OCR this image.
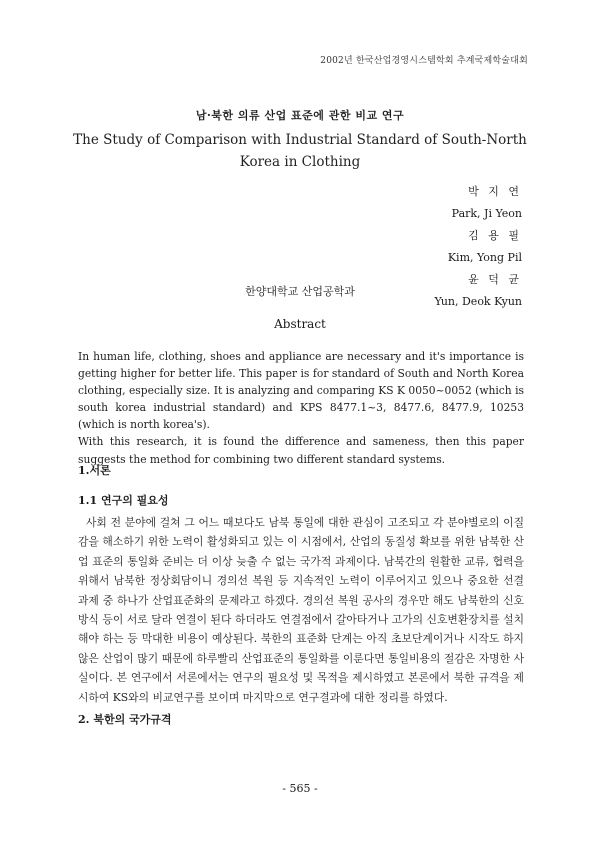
2002년 한국산업경영시스템학회 추계국제학술대회
남·북한 의류 산업 표준에 관한 비교 연구
The Study of Comparison with Industrial Standard of South-North Korea in Clothing
박 지 연
Park, Ji Yeon
김 용 필
Kim, Yong Pil
윤 덕 균
Yun, Deok Kyun
한양대학교 산업공학과
Abstract

In human life, clothing, shoes and appliance are necessary and it's importance is getting higher for better life. This paper is for standard of South and North Korea clothing, especially size. It is analyzing and comparing KS K 0050~0052 (which is south korea industrial standard) and KPS 8477.1~3, 8477.6, 8477.9, 10253 (which is north korea's).

With this research, it is found the difference and sameness, then this paper suggests the method for combining two different standard systems.

1.서론
1.1 연구의 필요성

사회 전 분야에 걸쳐 그 어느 때보다도 남북 통일에 대한 관심이 고조되고 각 분야별로의 이질감을 해소하기 위한 노력이 활성화되고 있는 이 시점에서, 산업의 동질성 확보를 위한 남북한 산업 표준의 통일화 준비는 더 이상 늦출 수 없는 국가적 과제이다. 남북간의 원활한 교류, 협력을 위해서 남북한 정상회담이니 경의선 복원 등 지속적인 노력이 이루어지고 있으나 중요한 선결 과제 중 하나가 산업표준화의 문제라고 하겠다. 경의선 복원 공사의 경우만 해도 남북한의 신호방식 등이 서로 달라 연결이 된다 하더라도 연결점에서 갈아타거나 고가의 신호변환장치를 설치해야 하는 등 막대한 비용이 예상된다. 북한의 표준화 단계는 아직 초보단계이거나 시작도 하지 않은 산업이 많기 때문에 하루빨리 산업표준의 통일화를 이룬다면 통일비용의 절감은 자명한 사실이다. 본 연구에서 서론에서는 연구의 필요성 및 목적을 제시하였고 본론에서 북한 규격을 제시하여 KS와의 비교연구를 보이며 마지막으로 연구결과에 대한 정리를 하였다.

2. 북한의 국가규격
- 565 -
